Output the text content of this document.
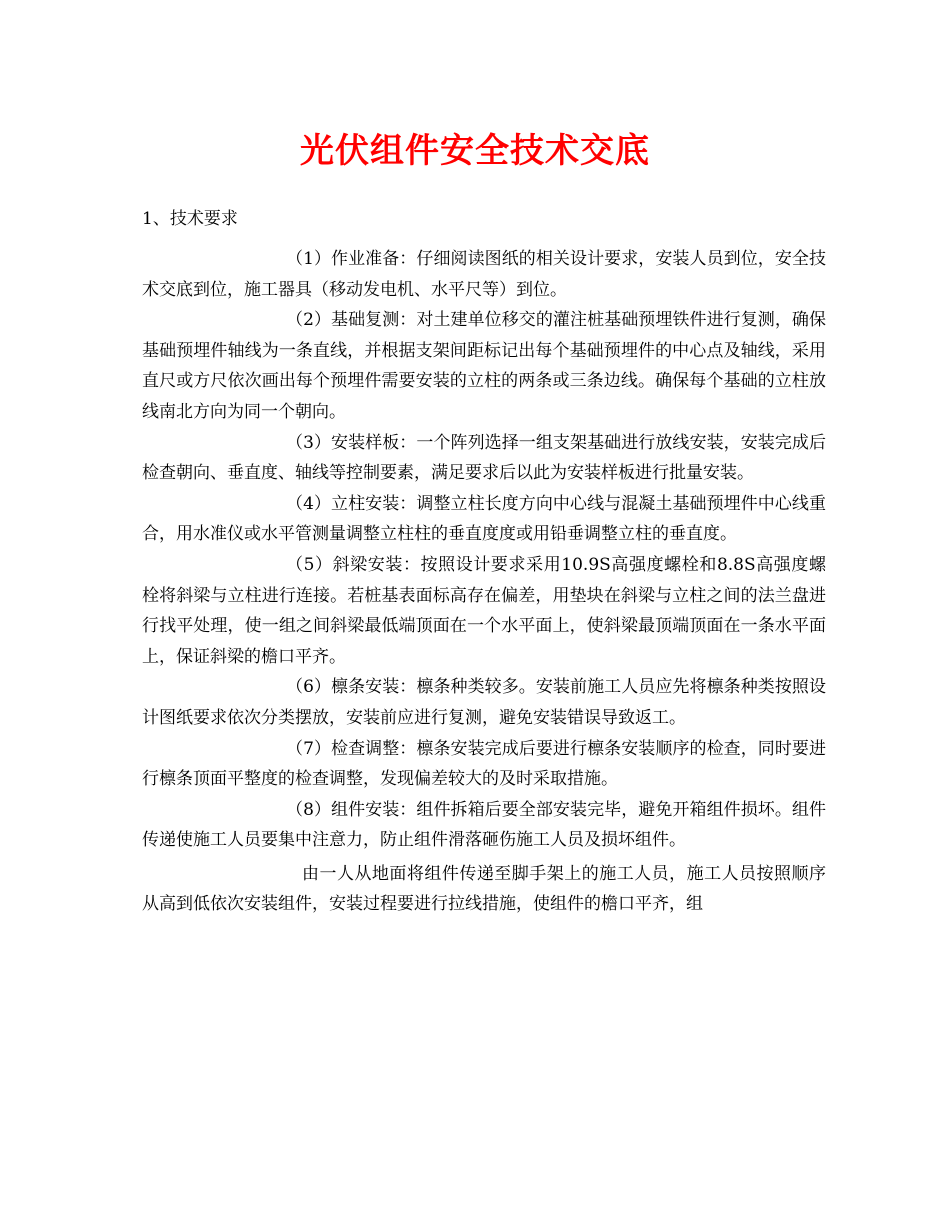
光伏组件安全技术交底

1、技术要求

（1）作业准备：仔细阅读图纸的相关设计要求，安装人员到位，安全技术交底到位，施工器具（移动发电机、水平尺等）到位。

（2）基础复测：对土建单位移交的灌注桩基础预埋铁件进行复测，确保基础预埋件轴线为一条直线，并根据支架间距标记出每个基础预埋件的中心点及轴线，采用直尺或方尺依次画出每个预埋件需要安装的立柱的两条或三条边线。确保每个基础的立柱放线南北方向为同一个朝向。

（3）安装样板：一个阵列选择一组支架基础进行放线安装，安装完成后检查朝向、垂直度、轴线等控制要素，满足要求后以此为安装样板进行批量安装。

（4）立柱安装：调整立柱长度方向中心线与混凝土基础预埋件中心线重合，用水准仪或水平管测量调整立柱柱的垂直度度或用铅垂调整立柱的垂直度。

（5）斜梁安装：按照设计要求采用10.9S高强度螺栓和8.8S高强度螺栓将斜梁与立柱进行连接。若桩基表面标高存在偏差，用垫块在斜梁与立柱之间的法兰盘进行找平处理，使一组之间斜梁最低端顶面在一个水平面上，使斜梁最顶端顶面在一条水平面上，保证斜梁的檐口平齐。

（6）檩条安装：檩条种类较多。安装前施工人员应先将檩条种类按照设计图纸要求依次分类摆放，安装前应进行复测，避免安装错误导致返工。

（7）检查调整：檩条安装完成后要进行檩条安装顺序的检查，同时要进行檩条顶面平整度的检查调整，发现偏差较大的及时采取措施。

（8）组件安装：组件拆箱后要全部安装完毕，避免开箱组件损坏。组件传递使施工人员要集中注意力，防止组件滑落砸伤施工人员及损坏组件。

由一人从地面将组件传递至脚手架上的施工人员，施工人员按照顺序从高到低依次安装组件，安装过程要进行拉线措施，使组件的檐口平齐，组
